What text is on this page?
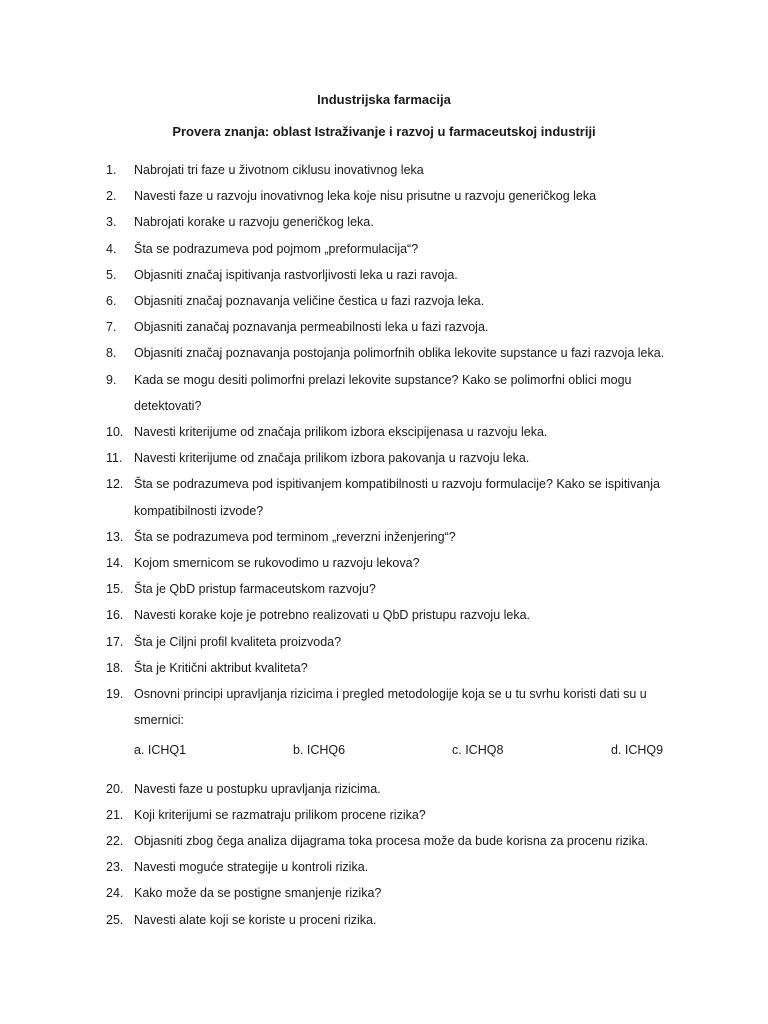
Industrijska farmacija

Provera znanja: oblast Istraživanje i razvoj u farmaceutskoj industriji

1.	Nabrojati tri faze u životnom ciklusu inovativnog leka
2.	Navesti faze u razvoju inovativnog leka koje nisu prisutne u razvoju generičkog leka
3.	Nabrojati korake u razvoju generičkog leka.
4.	Šta se podrazumeva pod pojmom „preformulacija“?
5.	Objasniti značaj ispitivanja rastvorljivosti leka u razi ravoja.
6.	Objasniti značaj poznavanja veličine čestica u fazi razvoja leka.
7.	Objasniti zanačaj poznavanja permeabilnosti leka u fazi razvoja.
8.	Objasniti značaj poznavanja postojanja polimorfnih oblika lekovite supstance u fazi razvoja leka.
9.	Kada se mogu desiti polimorfni prelazi lekovite supstance? Kako se polimorfni oblici mogu detektovati?
10. Navesti kriterijume od značaja prilikom izbora ekscipijenasa u razvoju leka.
11. Navesti kriterijume od značaja prilikom izbora pakovanja u razvoju leka.
12. Šta se podrazumeva pod ispitivanjem kompatibilnosti u razvoju formulacije? Kako se ispitivanja kompatibilnosti izvode?
13. Šta se podrazumeva pod terminom „reverzni inženjering“?
14. Kojom smernicom se rukovodimo u razvoju lekova?
15. Šta je QbD pristup farmaceutskom razvoju?
16. Navesti korake koje je potrebno realizovati u QbD pristupu razvoju leka.
17. Šta je Ciljni profil kvaliteta proizvoda?
18. Šta je Kritični aktribut kvaliteta?
19. Osnovni principi upravljanja rizicima i pregled metodologije koja se u tu svrhu koristi dati su u smernici:
a. ICHQ1	b. ICHQ6	c. ICHQ8	d. ICHQ9
20. Navesti faze u postupku upravljanja rizicima.
21. Koji kriterijumi se razmatraju prilikom procene rizika?
22. Objasniti zbog čega analiza dijagrama toka procesa može da bude korisna za procenu rizika.
23. Navesti moguće strategije u kontroli rizika.
24. Kako može da se postigne smanjenje rizika?
25. Navesti alate koji se koriste u proceni rizika.
